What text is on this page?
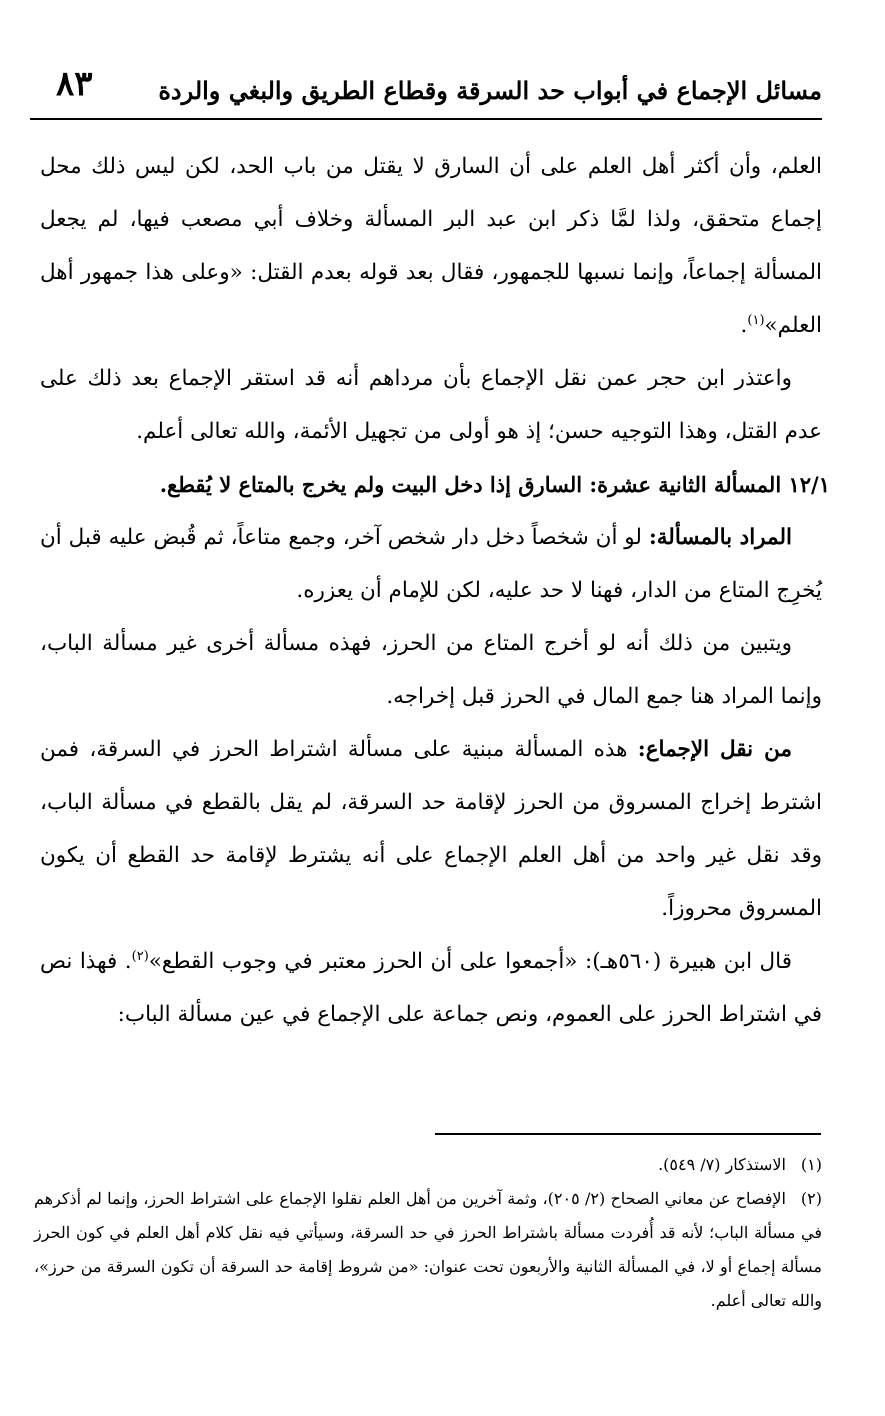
مسائل الإجماع في أبواب حد السرقة وقطاع الطريق والبغي والردة
٨٣

العلم، وأن أكثر أهل العلم على أن السارق لا يقتل من باب الحد، لكن ليس ذلك محل إجماع متحقق، ولذا لمَّا ذكر ابن عبد البر المسألة وخلاف أبي مصعب فيها، لم يجعل المسألة إجماعاً، وإنما نسبها للجمهور، فقال بعد قوله بعدم القتل: «وعلى هذا جمهور أهل العلم»$^{(١)}$.

واعتذر ابن حجر عمن نقل الإجماع بأن مرداهم أنه قد استقر الإجماع بعد ذلك على عدم القتل، وهذا التوجيه حسن؛ إذ هو أولى من تجهيل الأئمة، والله تعالى أعلم.

١٢/١ المسألة الثانية عشرة: السارق إذا دخل البيت ولم يخرج بالمتاع لا يُقطع.

المراد بالمسألة: لو أن شخصاً دخل دار شخص آخر، وجمع متاعاً، ثم قُبض عليه قبل أن يُخرِج المتاع من الدار، فهنا لا حد عليه، لكن للإمام أن يعزره.

ويتبين من ذلك أنه لو أخرج المتاع من الحرز، فهذه مسألة أخرى غير مسألة الباب، وإنما المراد هنا جمع المال في الحرز قبل إخراجه.

من نقل الإجماع: هذه المسألة مبنية على مسألة اشتراط الحرز في السرقة، فمن اشترط إخراج المسروق من الحرز لإقامة حد السرقة، لم يقل بالقطع في مسألة الباب، وقد نقل غير واحد من أهل العلم الإجماع على أنه يشترط لإقامة حد القطع أن يكون المسروق محروزاً.

قال ابن هبيرة (٥٦٠هـ): «أجمعوا على أن الحرز معتبر في وجوب القطع»$^{(٢)}$. فهذا نص في اشتراط الحرز على العموم، ونص جماعة على الإجماع في عين مسألة الباب:

(١)الاستذكار (٧/ ٥٤٩).

(٢)الإفصاح عن معاني الصحاح (٢/ ٢٠٥)، وثمة آخرين من أهل العلم نقلوا الإجماع على اشتراط الحرز، وإنما لم أذكرهم في مسألة الباب؛ لأنه قد أُفردت مسألة باشتراط الحرز في حد السرقة، وسيأتي فيه نقل كلام أهل العلم في كون الحرز مسألة إجماع أو لا، في المسألة الثانية والأربعون تحت عنوان: «من شروط إقامة حد السرقة أن تكون السرقة من حرز»، والله تعالى أعلم.
